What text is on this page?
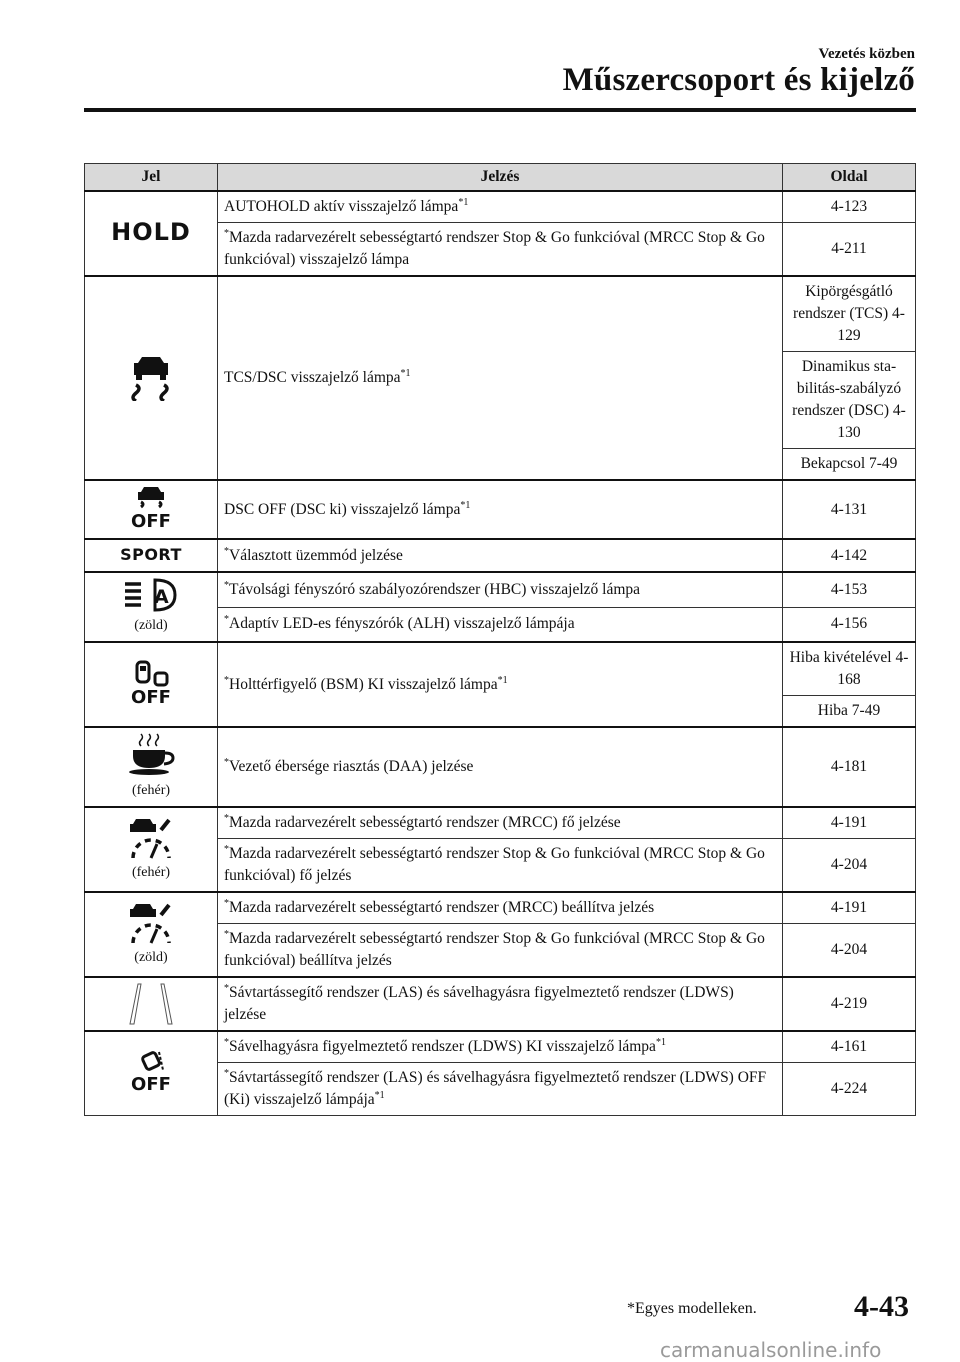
Vezetés közben
Műszercsoport és kijelző
Jel	Jelzés	Oldal
HOLD	AUTOHOLD aktív visszajelző lámpa$^{*1}$	4-123
	*Mazda radarvezérelt sebességtartó rendszer Stop & Go funkcióval (MRCC Stop & Go funkcióval) visszajelző lámpa	4-211

	TCS/DSC visszajelző lámpa$^{*1}$	Kipörgésgátló rendszer (TCS) 4-129
		Dinamikus sta-bilitás-szabályzó rendszer (DSC) 4-130
		Bekapcsol 7-49

OFF	DSC OFF (DSC ki) visszajelző lámpa$^{*1}$	4-131
SPORT	*Választott üzemmód jelzése	4-142

A
(zöld)	*Távolsági fényszóró szabályozórendszer (HBC) visszajelző lámpa	4-153
	*Adaptív LED-es fényszórók (ALH) visszajelző lámpája	4-156

OFF	*Holttérfigyelő (BSM) KI visszajelző lámpa$^{*1}$	Hiba kivételével 4-168
		Hiba 7-49

(fehér)	*Vezető ébersége riasztás (DAA) jelzése	4-181

(fehér)	*Mazda radarvezérelt sebességtartó rendszer (MRCC) fő jelzése	4-191
	*Mazda radarvezérelt sebességtartó rendszer Stop & Go funkcióval (MRCC Stop & Go funkcióval) fő jelzés	4-204

(zöld)	*Mazda radarvezérelt sebességtartó rendszer (MRCC) beállítva jelzés	4-191
	*Mazda radarvezérelt sebességtartó rendszer Stop & Go funkcióval (MRCC Stop & Go funkcióval) beállítva jelzés	4-204

	*Sávtartássegítő rendszer (LAS) és sávelhagyásra figyelmeztető rendszer (LDWS) jelzése	4-219

OFF	*Sávelhagyásra figyelmeztető rendszer (LDWS) KI visszajelző lámpa$^{*1}$	4-161
	*Sávtartássegítő rendszer (LAS) és sávelhagyásra figyelmeztető rendszer (LDWS) OFF (Ki) visszajelző lámpája$^{*1}$	4-224
*Egyes modelleken.	4-43
carmanualsonline.info
